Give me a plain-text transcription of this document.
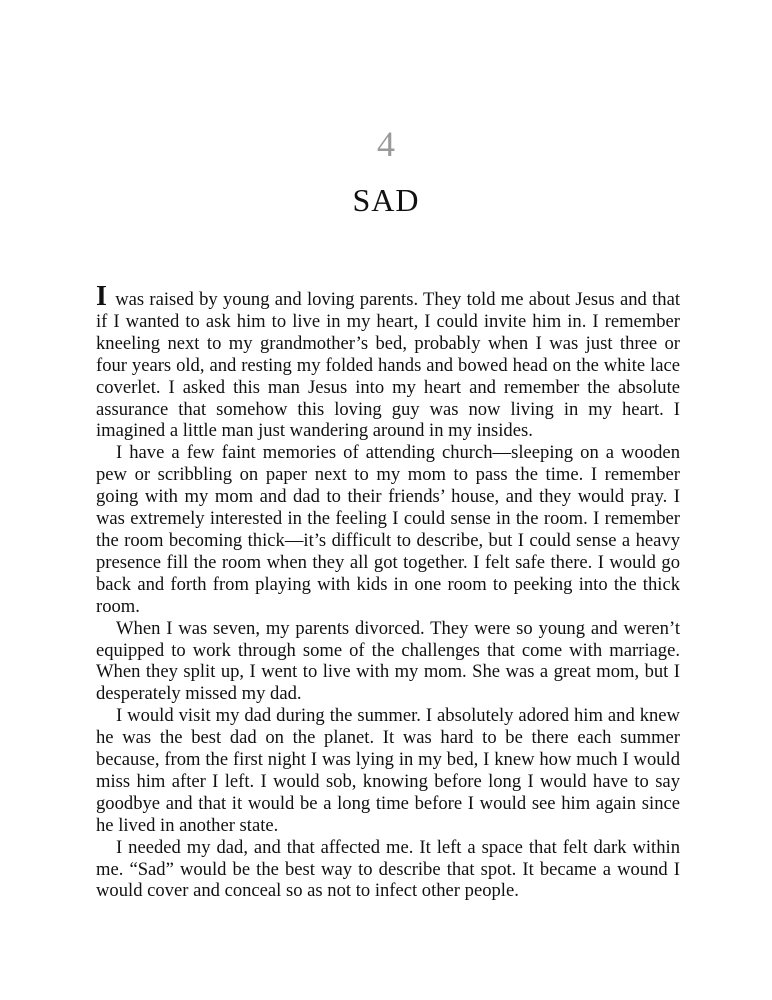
4
SAD

I was raised by young and loving parents. They told me about Jesus and that if I wanted to ask him to live in my heart, I could invite him in. I remember kneeling next to my grandmother’s bed, probably when I was just three or four years old, and resting my folded hands and bowed head on the white lace coverlet. I asked this man Jesus into my heart and remember the absolute assurance that somehow this loving guy was now living in my heart. I imagined a little man just wandering around in my insides.

I have a few faint memories of attending church—sleeping on a wooden pew or scribbling on paper next to my mom to pass the time. I remember going with my mom and dad to their friends’ house, and they would pray. I was extremely interested in the feeling I could sense in the room. I remember the room becoming thick—it’s difficult to describe, but I could sense a heavy presence fill the room when they all got together. I felt safe there. I would go back and forth from playing with kids in one room to peeking into the thick room.

When I was seven, my parents divorced. They were so young and weren’t equipped to work through some of the challenges that come with marriage. When they split up, I went to live with my mom. She was a great mom, but I desperately missed my dad.

I would visit my dad during the summer. I absolutely adored him and knew he was the best dad on the planet. It was hard to be there each summer because, from the first night I was lying in my bed, I knew how much I would miss him after I left. I would sob, knowing before long I would have to say goodbye and that it would be a long time before I would see him again since he lived in another state.

I needed my dad, and that affected me. It left a space that felt dark within me. “Sad” would be the best way to describe that spot. It became a wound I would cover and conceal so as not to infect other people.
